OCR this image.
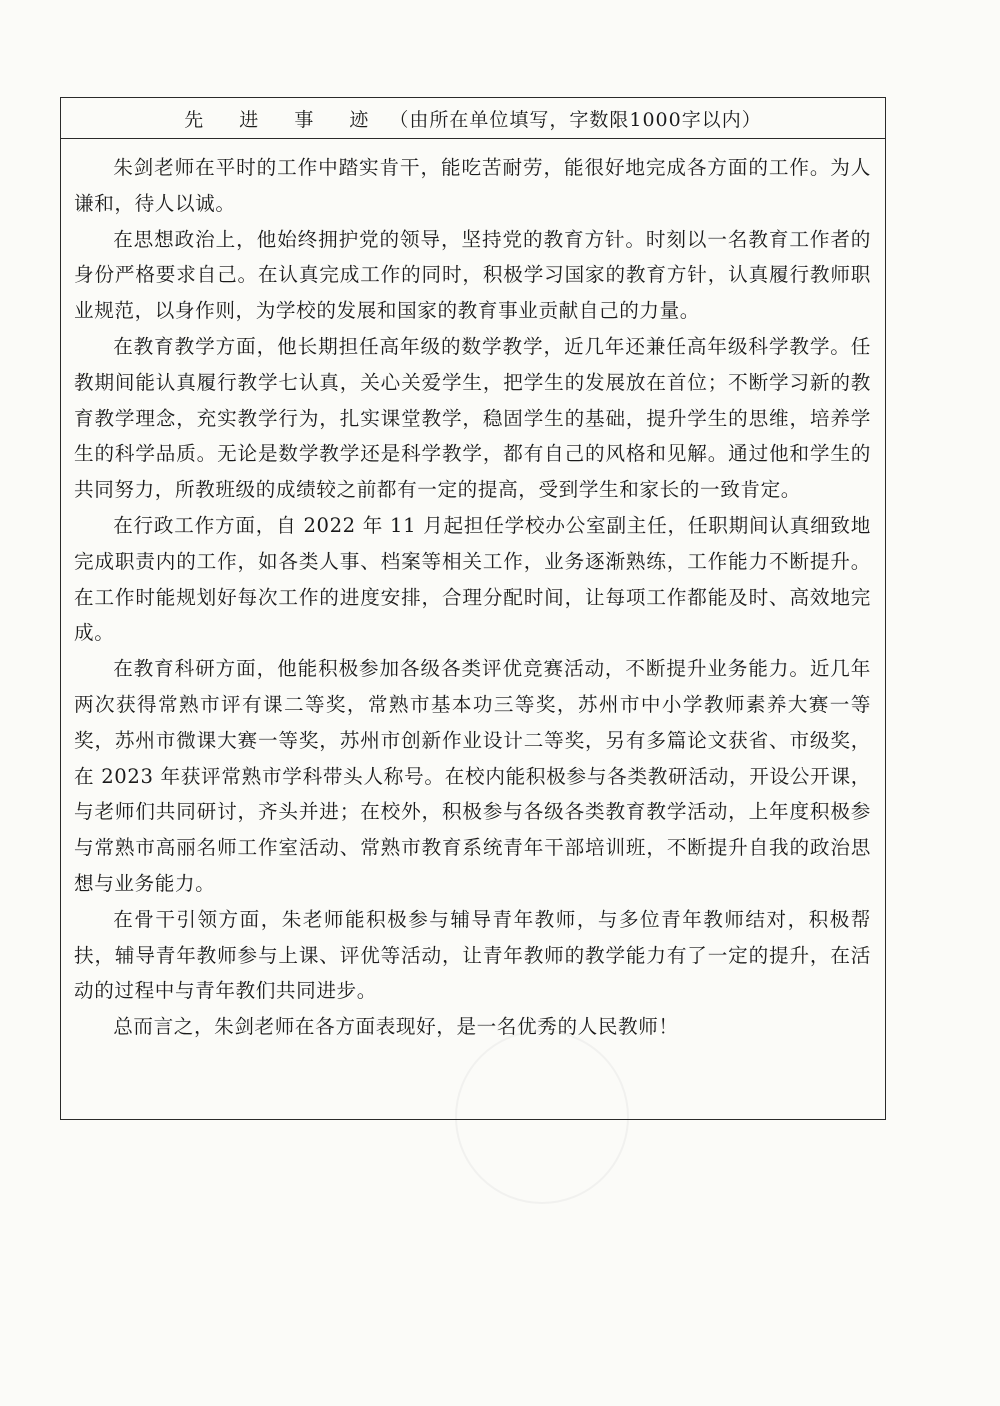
先 进 事 迹 （由所在单位填写，字数限1000字以内）

朱剑老师在平时的工作中踏实肯干，能吃苦耐劳，能很好地完成各方面的工作。为人谦和，待人以诚。

在思想政治上，他始终拥护党的领导，坚持党的教育方针。时刻以一名教育工作者的身份严格要求自己。在认真完成工作的同时，积极学习国家的教育方针，认真履行教师职业规范，以身作则，为学校的发展和国家的教育事业贡献自己的力量。

在教育教学方面，他长期担任高年级的数学教学，近几年还兼任高年级科学教学。任教期间能认真履行教学七认真，关心关爱学生，把学生的发展放在首位；不断学习新的教育教学理念，充实教学行为，扎实课堂教学，稳固学生的基础，提升学生的思维，培养学生的科学品质。无论是数学教学还是科学教学，都有自己的风格和见解。通过他和学生的共同努力，所教班级的成绩较之前都有一定的提高，受到学生和家长的一致肯定。

在行政工作方面，自 2022 年 11 月起担任学校办公室副主任，任职期间认真细致地完成职责内的工作，如各类人事、档案等相关工作，业务逐渐熟练，工作能力不断提升。在工作时能规划好每次工作的进度安排，合理分配时间，让每项工作都能及时、高效地完成。

在教育科研方面，他能积极参加各级各类评优竞赛活动，不断提升业务能力。近几年两次获得常熟市评有课二等奖，常熟市基本功三等奖，苏州市中小学教师素养大赛一等奖，苏州市微课大赛一等奖，苏州市创新作业设计二等奖，另有多篇论文获省、市级奖，在 2023 年获评常熟市学科带头人称号。在校内能积极参与各类教研活动，开设公开课，与老师们共同研讨，齐头并进；在校外，积极参与各级各类教育教学活动，上年度积极参与常熟市高丽名师工作室活动、常熟市教育系统青年干部培训班，不断提升自我的政治思想与业务能力。

在骨干引领方面，朱老师能积极参与辅导青年教师，与多位青年教师结对，积极帮扶，辅导青年教师参与上课、评优等活动，让青年教师的教学能力有了一定的提升，在活动的过程中与青年教们共同进步。

总而言之，朱剑老师在各方面表现好，是一名优秀的人民教师！
